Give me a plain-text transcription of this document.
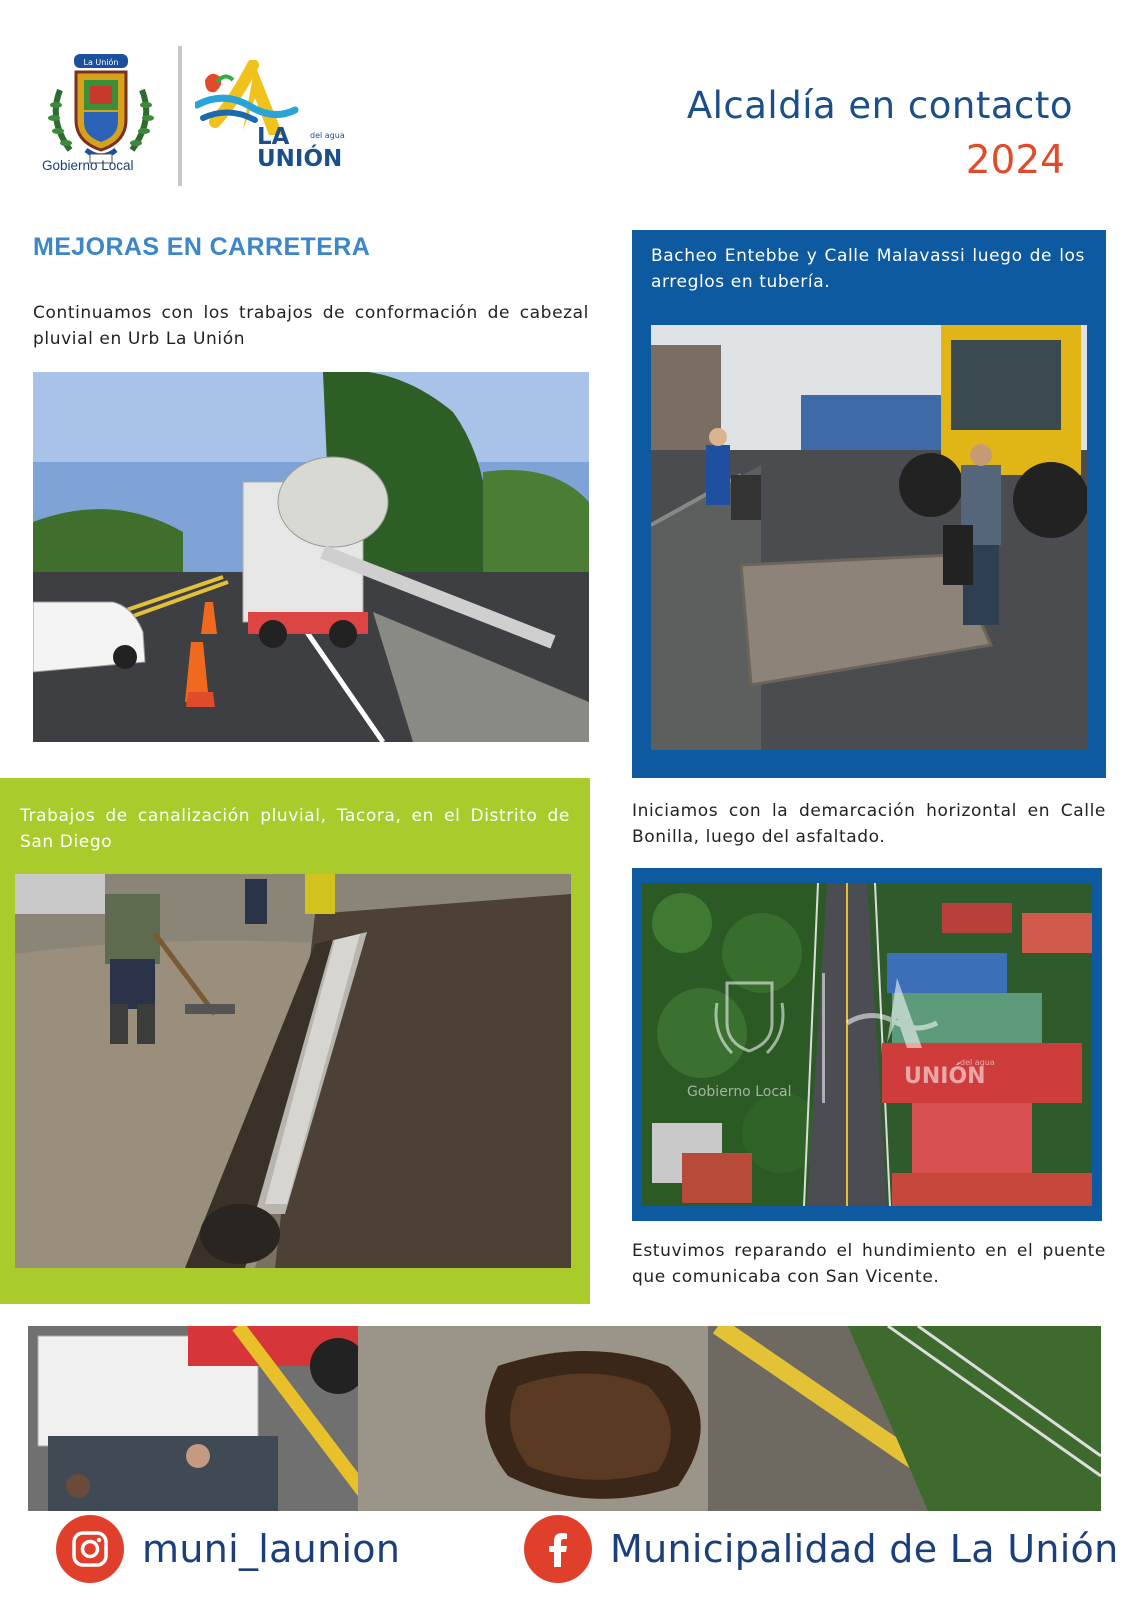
La Unión
Gobierno Local
LA	del agua
UNIÓN
Alcaldía en contacto
2024
MEJORAS EN CARRETERA
Continuamos con los trabajos de conformación de cabezal pluvial en Urb La Unión
Bacheo Entebbe y Calle Malavassi luego de los arreglos en tubería.
Trabajos de canalización pluvial, Tacora, en el Distrito de San Diego
Iniciamos con la demarcación horizontal en Calle Bonilla, luego del asfaltado.
Gobierno Local
del agua
UNIÓN
Estuvimos reparando el hundimiento en el puente que comunicaba con San Vicente.
muni_launion	Municipalidad de La Unión
